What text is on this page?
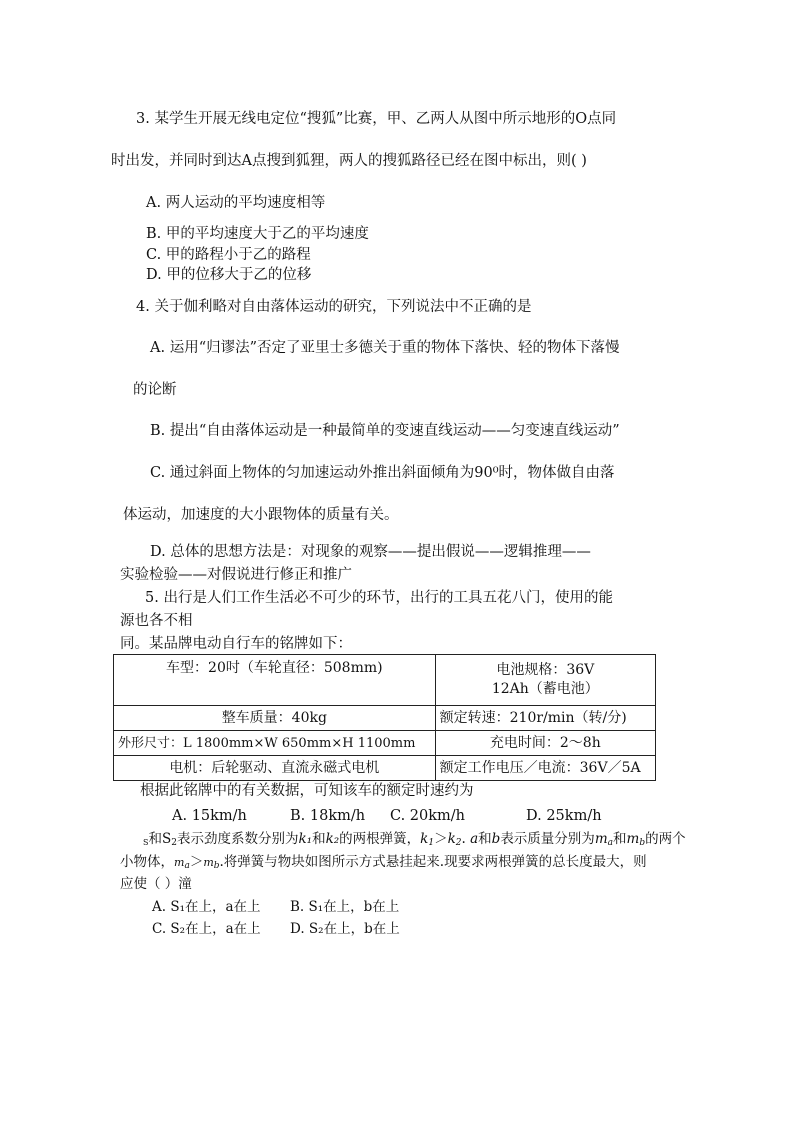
3. 某学生开展无线电定位“搜狐”比赛，甲、乙两人从图中所示地形的O点同
时出发，并同时到达A点搜到狐狸，两人的搜狐路径已经在图中标出，则( )
A. 两人运动的平均速度相等
B. 甲的平均速度大于乙的平均速度
C. 甲的路程小于乙的路程
D. 甲的位移大于乙的位移
4. 关于伽利略对自由落体运动的研究，下列说法中不正确的是
A. 运用“归谬法”否定了亚里士多德关于重的物体下落快、轻的物体下落慢
的论断
B. 提出“自由落体运动是一种最简单的变速直线运动——匀变速直线运动”
C. 通过斜面上物体的匀加速运动外推出斜面倾角为90⁰时，物体做自由落
体运动，加速度的大小跟物体的质量有关。
D. 总体的思想方法是：对现象的观察——提出假说——逻辑推理——
实验检验——对假说进行修正和推广
5. 出行是人们工作生活必不可少的环节，出行的工具五花八门，使用的能
源也各不相
同。某品牌电动自行车的铭牌如下：
车型：20吋（车轮直径：508mm)	电池规格：36V
12Ah（蓄电池）

整车质量：40kg	额定转速：210r/min（转/分)
外形尺寸：L 1800mm×W 650mm×H 1100mm	充电时间：2～8h
电机：后轮驱动、直流永磁式电机	额定工作电压／电流：36V／5A
根据此铭牌中的有关数据，可知该车的额定时速约为
A. 15km/h	B. 18km/h C. 20km/h	D. 25km/h
$_S$和$S_2$表示劲度系数分别为k₁和k₂的两根弹簧，$k_1>k_2$. a和b表示质量分别为$m_a$和$m_b$的两个
小物体，$m_a>m_b$.将弹簧与物块如图所示方式悬挂起来.现要求两根弹簧的总长度最大，则
应使（ ）潼
A. S₁在上，a在上 B. S₁在上，b在上
C. S₂在上，a在上 D. S₂在上，b在上
